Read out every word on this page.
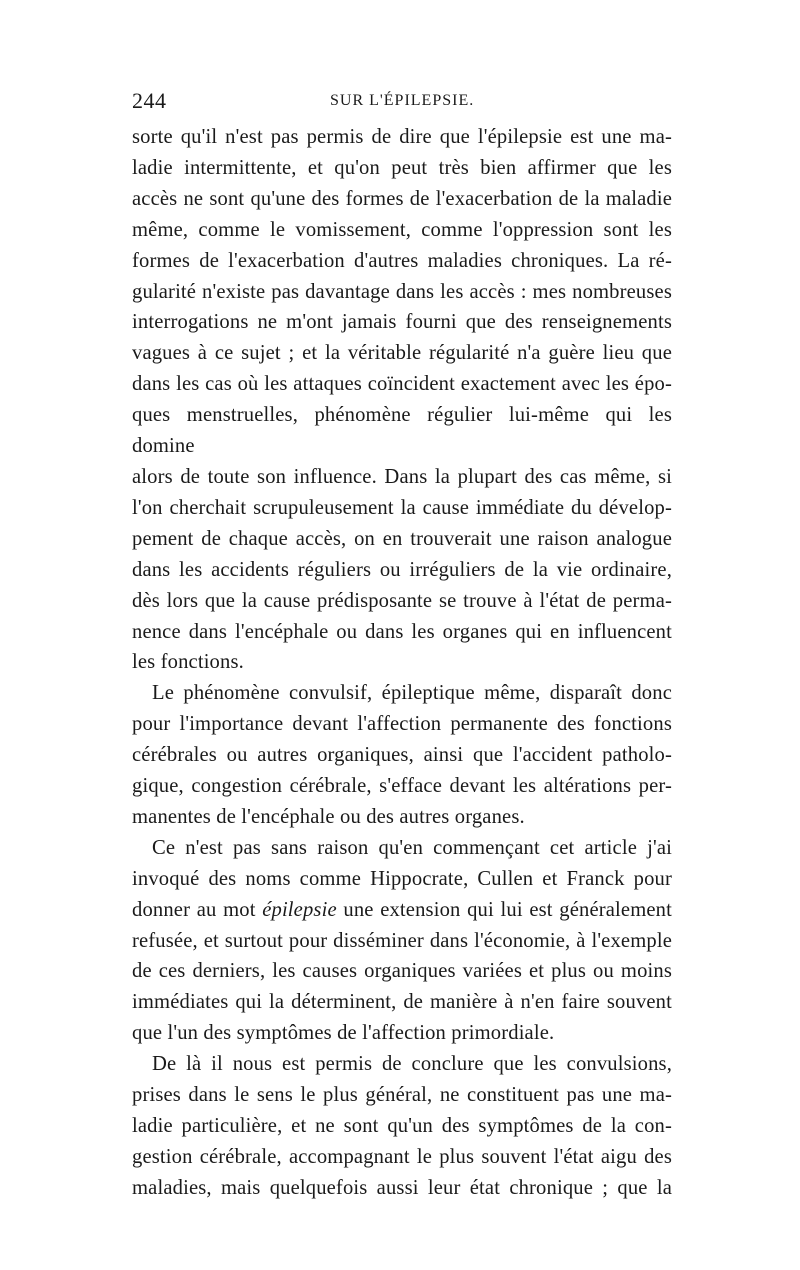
244	SUR L'ÉPILEPSIE.

sorte qu'il n'est pas permis de dire que l'épilepsie est une ma-

ladie intermittente, et qu'on peut très bien affirmer que les

accès ne sont qu'une des formes de l'exacerbation de la maladie

même, comme le vomissement, comme l'oppression sont les

formes de l'exacerbation d'autres maladies chroniques. La ré-

gularité n'existe pas davantage dans les accès : mes nombreuses

interrogations ne m'ont jamais fourni que des renseignements

vagues à ce sujet ; et la véritable régularité n'a guère lieu que

dans les cas où les attaques coïncident exactement avec les épo-

ques menstruelles, phénomène régulier lui-même qui les domine

alors de toute son influence. Dans la plupart des cas même, si

l'on cherchait scrupuleusement la cause immédiate du dévelop-

pement de chaque accès, on en trouverait une raison analogue

dans les accidents réguliers ou irréguliers de la vie ordinaire,

dès lors que la cause prédisposante se trouve à l'état de perma-

nence dans l'encéphale ou dans les organes qui en influencent

les fonctions.

Le phénomène convulsif, épileptique même, disparaît donc

pour l'importance devant l'affection permanente des fonctions

cérébrales ou autres organiques, ainsi que l'accident patholo-

gique, congestion cérébrale, s'efface devant les altérations per-

manentes de l'encéphale ou des autres organes.

Ce n'est pas sans raison qu'en commençant cet article j'ai

invoqué des noms comme Hippocrate, Cullen et Franck pour

donner au mot épilepsie une extension qui lui est généralement

refusée, et surtout pour disséminer dans l'économie, à l'exemple

de ces derniers, les causes organiques variées et plus ou moins

immédiates qui la déterminent, de manière à n'en faire souvent

que l'un des symptômes de l'affection primordiale.

De là il nous est permis de conclure que les convulsions,

prises dans le sens le plus général, ne constituent pas une ma-

ladie particulière, et ne sont qu'un des symptômes de la con-

gestion cérébrale, accompagnant le plus souvent l'état aigu des

maladies, mais quelquefois aussi leur état chronique ; que la
